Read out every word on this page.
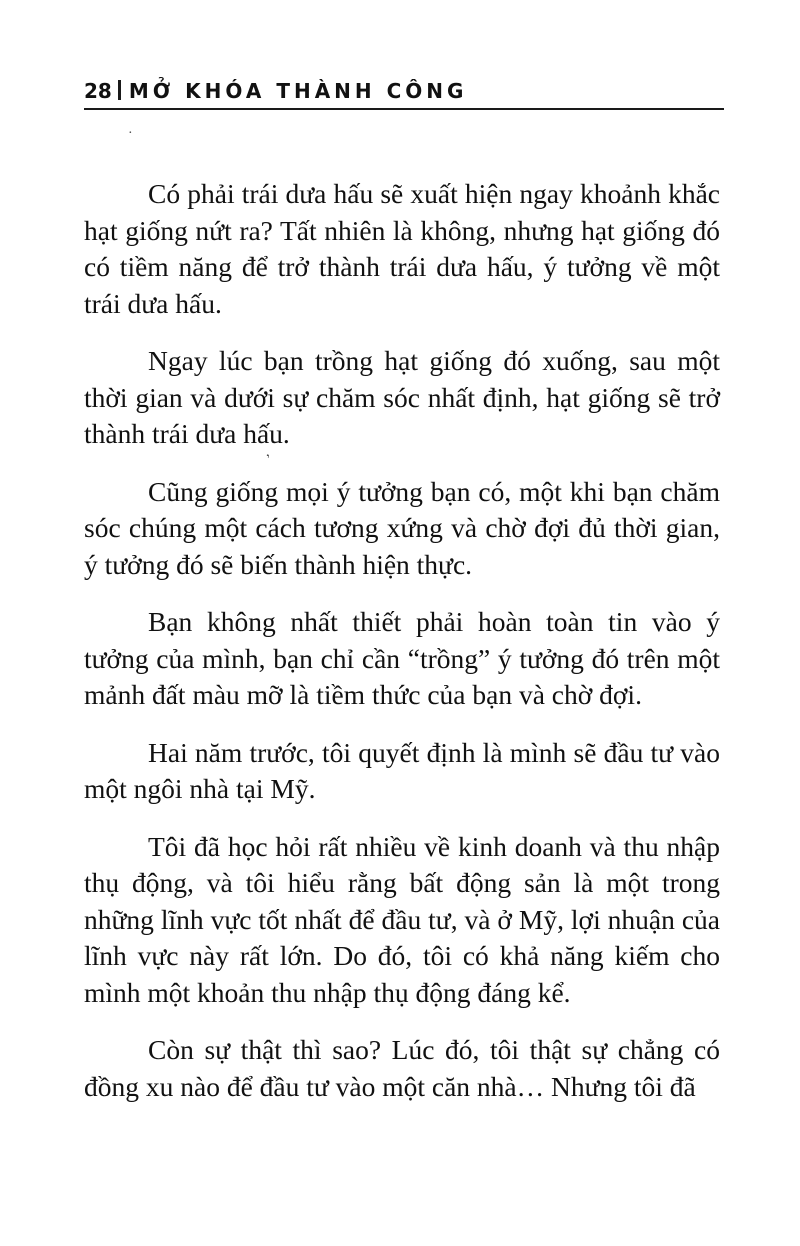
28 MỞ KHÓA THÀNH CÔNG
·
ʼ

Có phải trái dưa hấu sẽ xuất hiện ngay khoảnh khắc hạt giống nứt ra? Tất nhiên là không, nhưng hạt giống đó có tiềm năng để trở thành trái dưa hấu, ý tưởng về một trái dưa hấu.

Ngay lúc bạn trồng hạt giống đó xuống, sau một thời gian và dưới sự chăm sóc nhất định, hạt giống sẽ trở thành trái dưa hấu.

Cũng giống mọi ý tưởng bạn có, một khi bạn chăm sóc chúng một cách tương xứng và chờ đợi đủ thời gian, ý tưởng đó sẽ biến thành hiện thực.

Bạn không nhất thiết phải hoàn toàn tin vào ý tưởng của mình, bạn chỉ cần “trồng” ý tưởng đó trên một mảnh đất màu mỡ là tiềm thức của bạn và chờ đợi.

Hai năm trước, tôi quyết định là mình sẽ đầu tư vào một ngôi nhà tại Mỹ.

Tôi đã học hỏi rất nhiều về kinh doanh và thu nhập thụ động, và tôi hiểu rằng bất động sản là một trong những lĩnh vực tốt nhất để đầu tư, và ở Mỹ, lợi nhuận của lĩnh vực này rất lớn. Do đó, tôi có khả năng kiếm cho mình một khoản thu nhập thụ động đáng kể.

Còn sự thật thì sao? Lúc đó, tôi thật sự chẳng có đồng xu nào để đầu tư vào một căn nhà… Nhưng tôi đã
